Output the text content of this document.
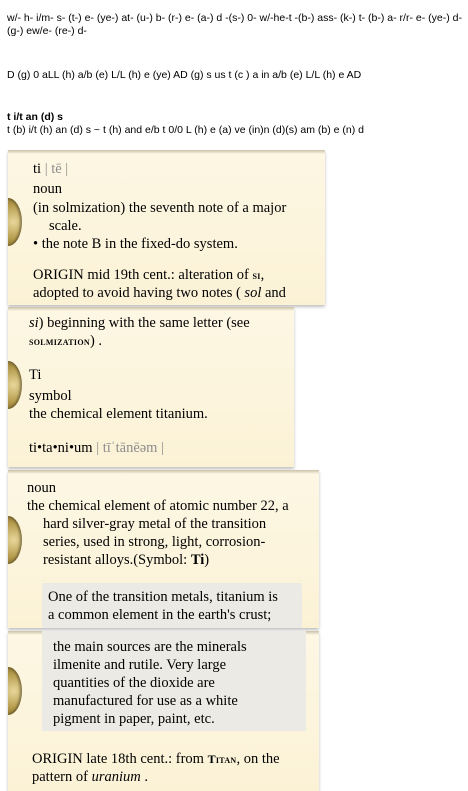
w/- h- i/m- s- (t-) e- (ye-) at- (u-) b- (r-) e- (a-) d -(s-) 0- w/-he-t -(b-) ass- (k-) t- (b-) a- r/r- e- (ye-) d- (g-) ew/e- (re-) d-
D (g) 0 aLL (h) a/b (e) L/L (h) e (ye) AD (g) s us t (c ) a in a/b (e) L/L (h) e AD
t i/t an (d) s
t (b) i/t (h) an (d) s ~ t (h) and e/b t 0/0 L (h) e (a) ve (in)n (d)(s) am (b) e (n) d
ti | tē |
noun
(in solmization) the seventh note of a major
scale.
• the note B in the fixed-do system.
ORIGIN mid 19th cent.: alteration of si,
adopted to avoid having two notes ( sol and
si) beginning with the same letter (see
solmization) .
Ti
symbol
the chemical element titanium.
ti•ta•ni•um | tīˈtānēəm |
noun
the chemical element of atomic number 22, a
hard silver-gray metal of the transition
series, used in strong, light, corrosion-
resistant alloys.(Symbol: Ti)
One of the transition metals, titanium is
a common element in the earth's crust;
the main sources are the minerals
ilmenite and rutile. Very large
quantities of the dioxide are
manufactured for use as a white
pigment in paper, paint, etc.
ORIGIN late 18th cent.: from Titan, on the
pattern of uranium .
